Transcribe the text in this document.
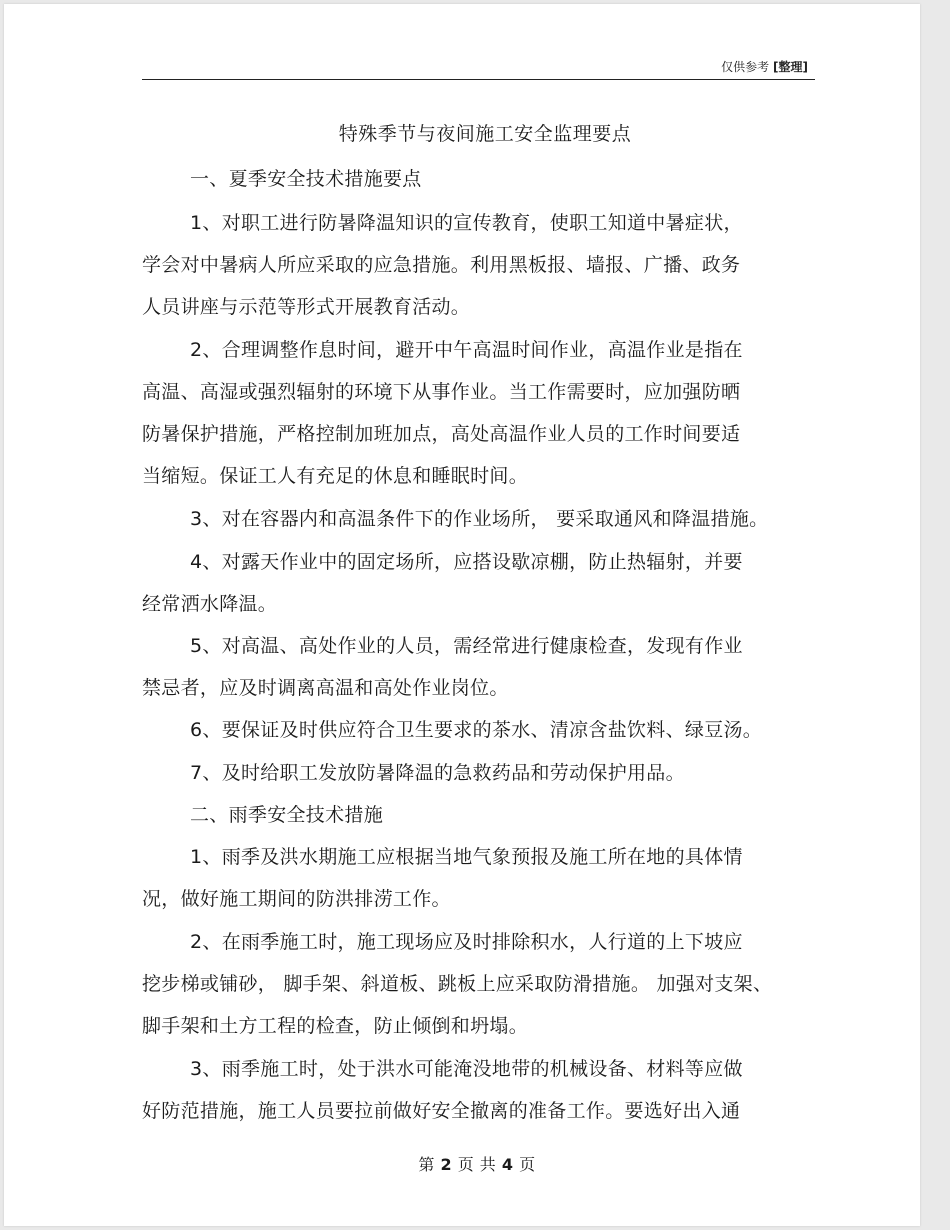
仅供参考 [整理]
特殊季节与夜间施工安全监理要点
一、夏季安全技术措施要点
1、对职工进行防暑降温知识的宣传教育，使职工知道中暑症状，
学会对中暑病人所应采取的应急措施。利用黑板报、墙报、广播、政务
人员讲座与示范等形式开展教育活动。
2、合理调整作息时间，避开中午高温时间作业，高温作业是指在
高温、高湿或强烈辐射的环境下从事作业。当工作需要时，应加强防晒
防暑保护措施，严格控制加班加点，高处高温作业人员的工作时间要适
当缩短。保证工人有充足的休息和睡眠时间。
3、对在容器内和高温条件下的作业场所， 要采取通风和降温措施。
4、对露天作业中的固定场所，应搭设歇凉棚，防止热辐射，并要
经常洒水降温。
5、对高温、高处作业的人员，需经常进行健康检查，发现有作业
禁忌者，应及时调离高温和高处作业岗位。
6、要保证及时供应符合卫生要求的茶水、清凉含盐饮料、绿豆汤。
7、及时给职工发放防暑降温的急救药品和劳动保护用品。
二、雨季安全技术措施
1、雨季及洪水期施工应根据当地气象预报及施工所在地的具体情
况，做好施工期间的防洪排涝工作。
2、在雨季施工时，施工现场应及时排除积水，人行道的上下坡应
挖步梯或铺砂， 脚手架、斜道板、跳板上应采取防滑措施。 加强对支架、
脚手架和土方工程的检查，防止倾倒和坍塌。
3、雨季施工时，处于洪水可能淹没地带的机械设备、材料等应做
好防范措施，施工人员要拉前做好安全撤离的准备工作。要选好出入通
第 2 页 共 4 页
